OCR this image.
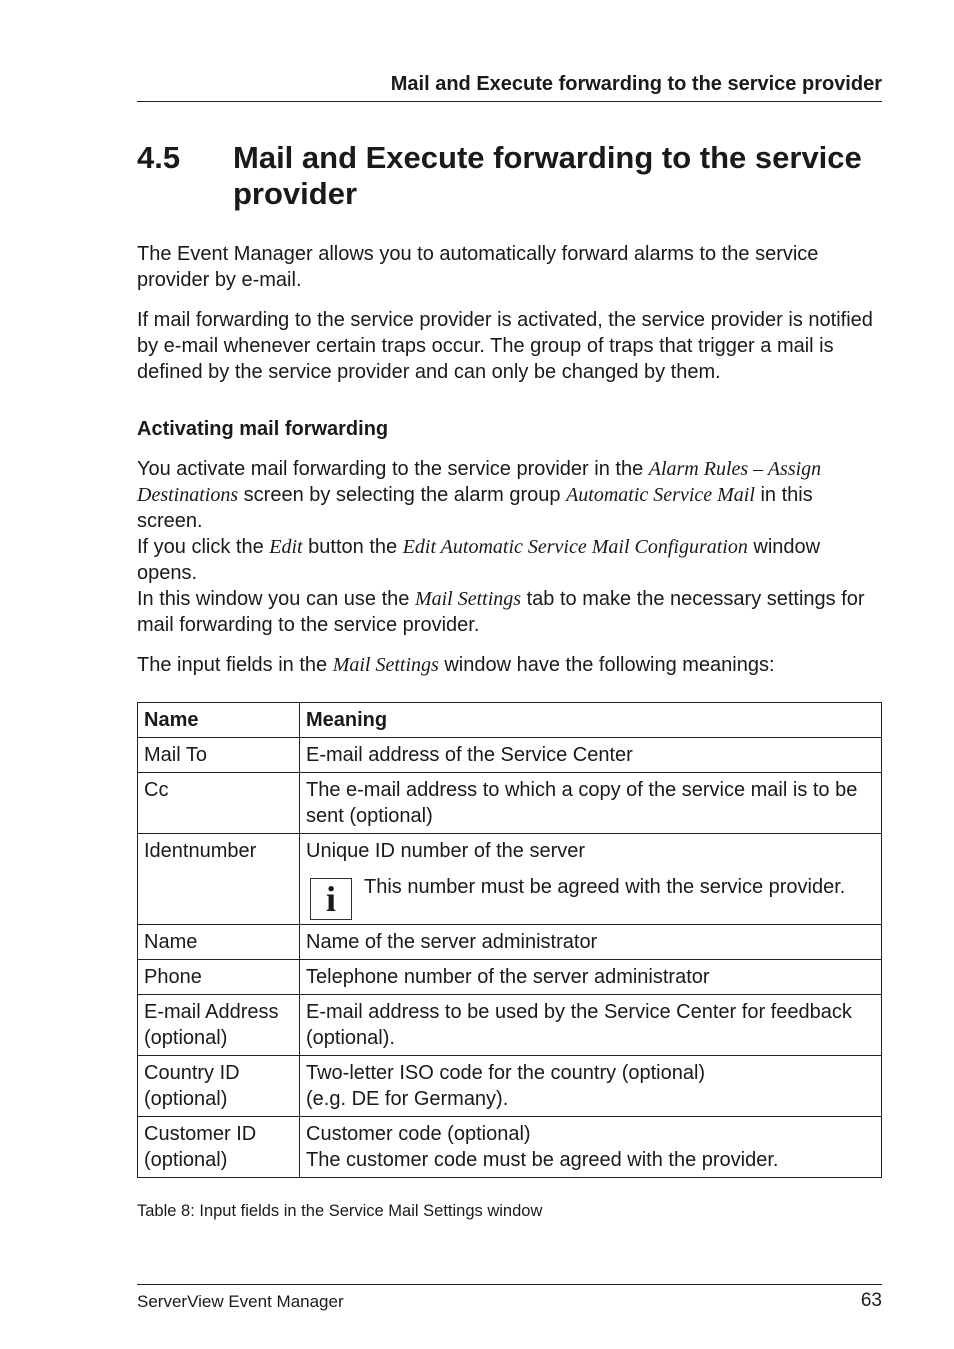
Mail and Execute forwarding to the service provider
4.5 Mail and Execute forwarding to the service provider

The Event Manager allows you to automatically forward alarms to the service provider by e-mail.

If mail forwarding to the service provider is activated, the service provider is notified by e-mail whenever certain traps occur. The group of traps that trigger a mail is defined by the service provider and can only be changed by them.

Activating mail forwarding

You activate mail forwarding to the service provider in the Alarm Rules – Assign Destinations screen by selecting the alarm group Automatic Service Mail in this screen.
If you click the Edit button the Edit Automatic Service Mail Configuration window opens.
In this window you can use the Mail Settings tab to make the necessary settings for mail forwarding to the service provider.

The input fields in the Mail Settings window have the following meanings:

Name	Meaning
Mail To	E-mail address of the Service Center
Cc	The e-mail address to which a copy of the service mail is to be sent (optional)
Identnumber	Unique ID number of the server
i This number must be agreed with the service provider.

Name	Name of the server administrator
Phone	Telephone number of the server administrator
E-mail Address (optional)	E-mail address to be used by the Service Center for feedback (optional).
Country ID (optional)	Two-letter ISO code for the country (optional)
(e.g. DE for Germany).

Customer ID (optional)	Customer code (optional)
The customer code must be agreed with the provider.
Table 8: Input fields in the Service Mail Settings window
ServerView Event Manager	63
